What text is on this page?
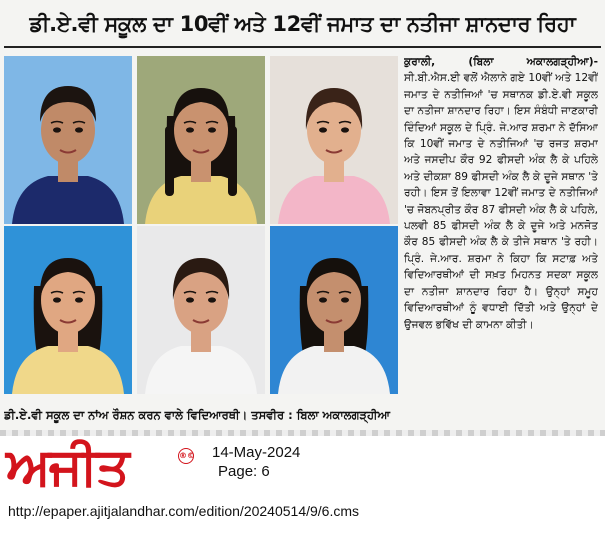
ਡੀ.ਏ.ਵੀ ਸਕੂਲ ਦਾ 10ਵੀਂ ਅਤੇ 12ਵੀਂ ਜਮਾਤ ਦਾ ਨਤੀਜਾ ਸ਼ਾਨਦਾਰ ਰਿਹਾ
ਡੀ.ਏ.ਵੀ ਸਕੂਲ ਦਾ ਨਾਂਅ ਰੌਸ਼ਨ ਕਰਨ ਵਾਲੇ ਵਿਦਿਆਰਥੀ। ਤਸਵੀਰ : ਬਿਲਾ ਅਕਾਲਗੜ੍ਹੀਆ
ਕੁਰਾਲੀ, (ਬਿਲਾ ਅਕਾਲਗੜ੍ਹੀਆ)- ਸੀ.ਬੀ.ਐਸ.ਈ ਵਲੋਂ ਐਲਾਨੇ ਗਏ 10ਵੀਂ ਅਤੇ 12ਵੀਂ ਜਮਾਤ ਦੇ ਨਤੀਜਿਆਂ 'ਚ ਸਥਾਨਕ ਡੀ.ਏ.ਵੀ ਸਕੂਲ ਦਾ ਨਤੀਜਾ ਸ਼ਾਨਦਾਰ ਰਿਹਾ। ਇਸ ਸੰਬੰਧੀ ਜਾਣਕਾਰੀ ਦਿੰਦਿਆਂ ਸਕੂਲ ਦੇ ਪ੍ਰਿੰ. ਜੇ.ਆਰ ਸ਼ਰਮਾ ਨੇ ਦੱਸਿਆ ਕਿ 10ਵੀਂ ਜਮਾਤ ਦੇ ਨਤੀਜਿਆਂ 'ਚ ਰਜਤ ਸ਼ਰਮਾ ਅਤੇ ਜਸਦੀਪ ਕੌਰ 92 ਫੀਸਦੀ ਅੰਕ ਲੈ ਕੇ ਪਹਿਲੇ ਅਤੇ ਦੀਕਸ਼ਾ 89 ਫੀਸਦੀ ਅੰਕ ਲੈ ਕੇ ਦੂਜੇ ਸਥਾਨ 'ਤੇ ਰਹੀ। ਇਸ ਤੋਂ ਇਲਾਵਾ 12ਵੀਂ ਜਮਾਤ ਦੇ ਨਤੀਜਿਆਂ 'ਚ ਜੋਬਨਪ੍ਰੀਤ ਕੌਰ 87 ਫੀਸਦੀ ਅੰਕ ਲੈ ਕੇ ਪਹਿਲੇ, ਪਲਵੀ 85 ਫੀਸਦੀ ਅੰਕ ਲੈ ਕੇ ਦੂਜੇ ਅਤੇ ਮਨਜੋਤ ਕੌਰ 85 ਫੀਸਦੀ ਅੰਕ ਲੈ ਕੇ ਤੀਜੇ ਸਥਾਨ 'ਤੇ ਰਹੀ। ਪ੍ਰਿੰ. ਜੇ.ਆਰ. ਸ਼ਰਮਾ ਨੇ ਕਿਹਾ ਕਿ ਸਟਾਫ਼ ਅਤੇ ਵਿਦਿਆਰਥੀਆਂ ਦੀ ਸਖ਼ਤ ਮਿਹਨਤ ਸਦਕਾ ਸਕੂਲ ਦਾ ਨਤੀਜਾ ਸ਼ਾਨਦਾਰ ਰਿਹਾ ਹੈ। ਉਨ੍ਹਾਂ ਸਮੂਹ ਵਿਦਿਆਰਥੀਆਂ ਨੂੰ ਵਧਾਈ ਦਿੱਤੀ ਅਤੇ ਉਨ੍ਹਾਂ ਦੇ ਉਜਵਲ ਭਵਿੱਖ ਦੀ ਕਾਮਨਾ ਕੀਤੀ।
ਅਜੀਤ	®© 14-May-2024
Page: 6
http://epaper.ajitjalandhar.com/edition/20240514/9/6.cms
